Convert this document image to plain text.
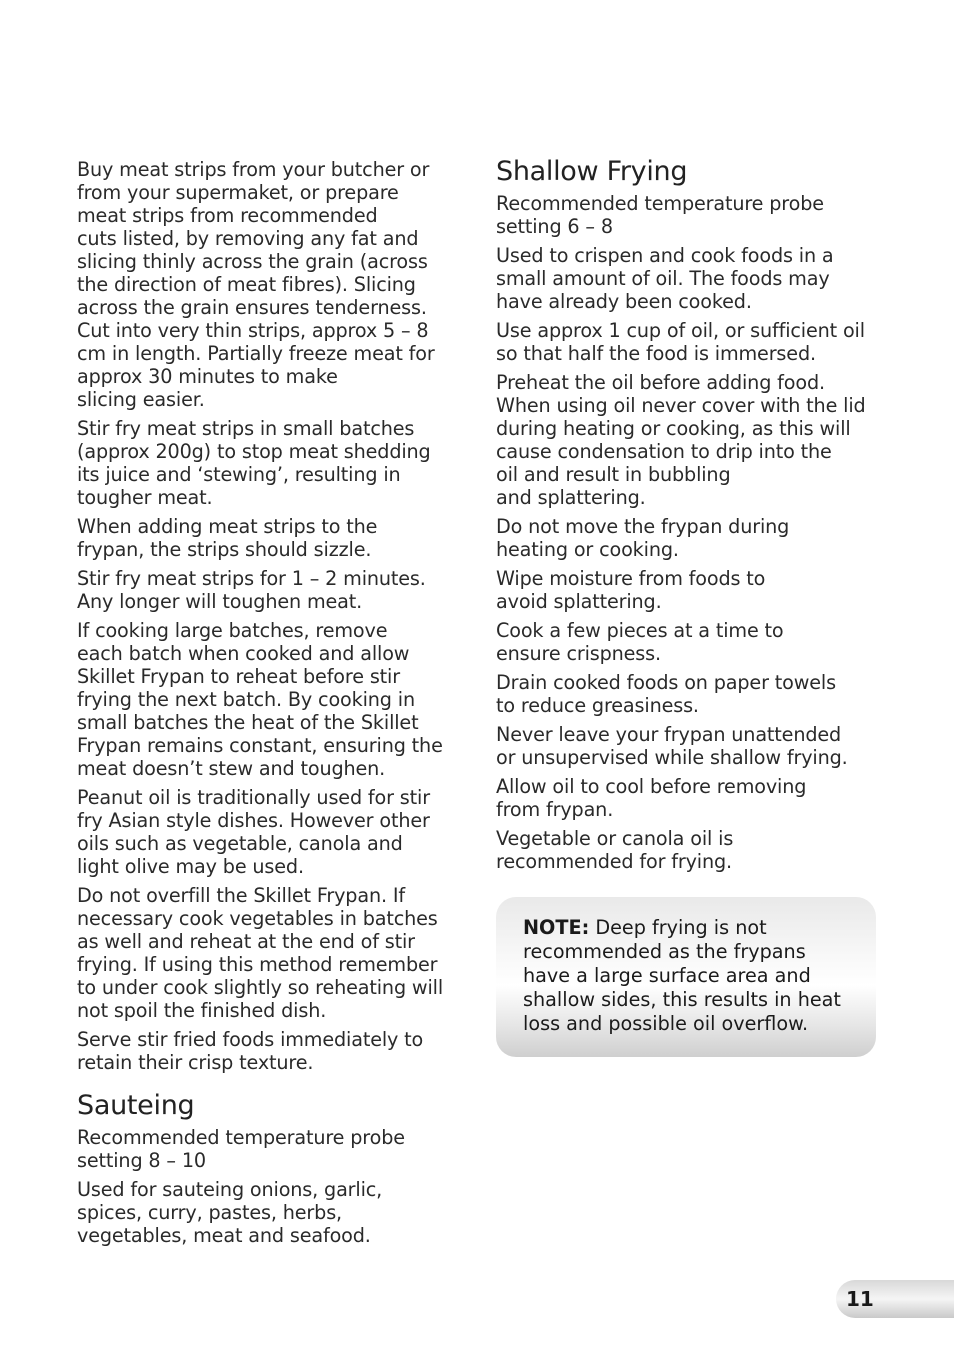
Buy meat strips from your butcher or
from your supermaket, or prepare
meat strips from recommended
cuts listed, by removing any fat and
slicing thinly across the grain (across
the direction of meat fibres). Slicing
across the grain ensures tenderness.
Cut into very thin strips, approx 5 – 8
cm in length. Partially freeze meat for
approx 30 minutes to make
slicing easier.

Stir fry meat strips in small batches
(approx 200g) to stop meat shedding
its juice and ‘stewing’, resulting in
tougher meat.

When adding meat strips to the
frypan, the strips should sizzle.

Stir fry meat strips for 1 – 2 minutes.
Any longer will toughen meat.

If cooking large batches, remove
each batch when cooked and allow
Skillet Frypan to reheat before stir
frying the next batch. By cooking in
small batches the heat of the Skillet
Frypan remains constant, ensuring the
meat doesn’t stew and toughen.

Peanut oil is traditionally used for stir
fry Asian style dishes. However other
oils such as vegetable, canola and
light olive may be used.

Do not overfill the Skillet Frypan. If
necessary cook vegetables in batches
as well and reheat at the end of stir
frying. If using this method remember
to under cook slightly so reheating will
not spoil the finished dish.

Serve stir fried foods immediately to
retain their crisp texture.

Sauteing

Recommended temperature probe
setting 8 – 10

Used for sauteing onions, garlic,
spices, curry, pastes, herbs,
vegetables, meat and seafood.

Shallow Frying

Recommended temperature probe
setting 6 – 8

Used to crispen and cook foods in a
small amount of oil. The foods may
have already been cooked.

Use approx 1 cup of oil, or sufficient oil
so that half the food is immersed.

Preheat the oil before adding food.
When using oil never cover with the lid
during heating or cooking, as this will
cause condensation to drip into the
oil and result in bubbling
and splattering.

Do not move the frypan during
heating or cooking.

Wipe moisture from foods to
avoid splattering.

Cook a few pieces at a time to
ensure crispness.

Drain cooked foods on paper towels
to reduce greasiness.

Never leave your frypan unattended
or unsupervised while shallow frying.

Allow oil to cool before removing
from frypan.

Vegetable or canola oil is
recommended for frying.

NOTE: Deep frying is not
recommended as the frypans
have a large surface area and
shallow sides, this results in heat
loss and possible oil overflow.

11
